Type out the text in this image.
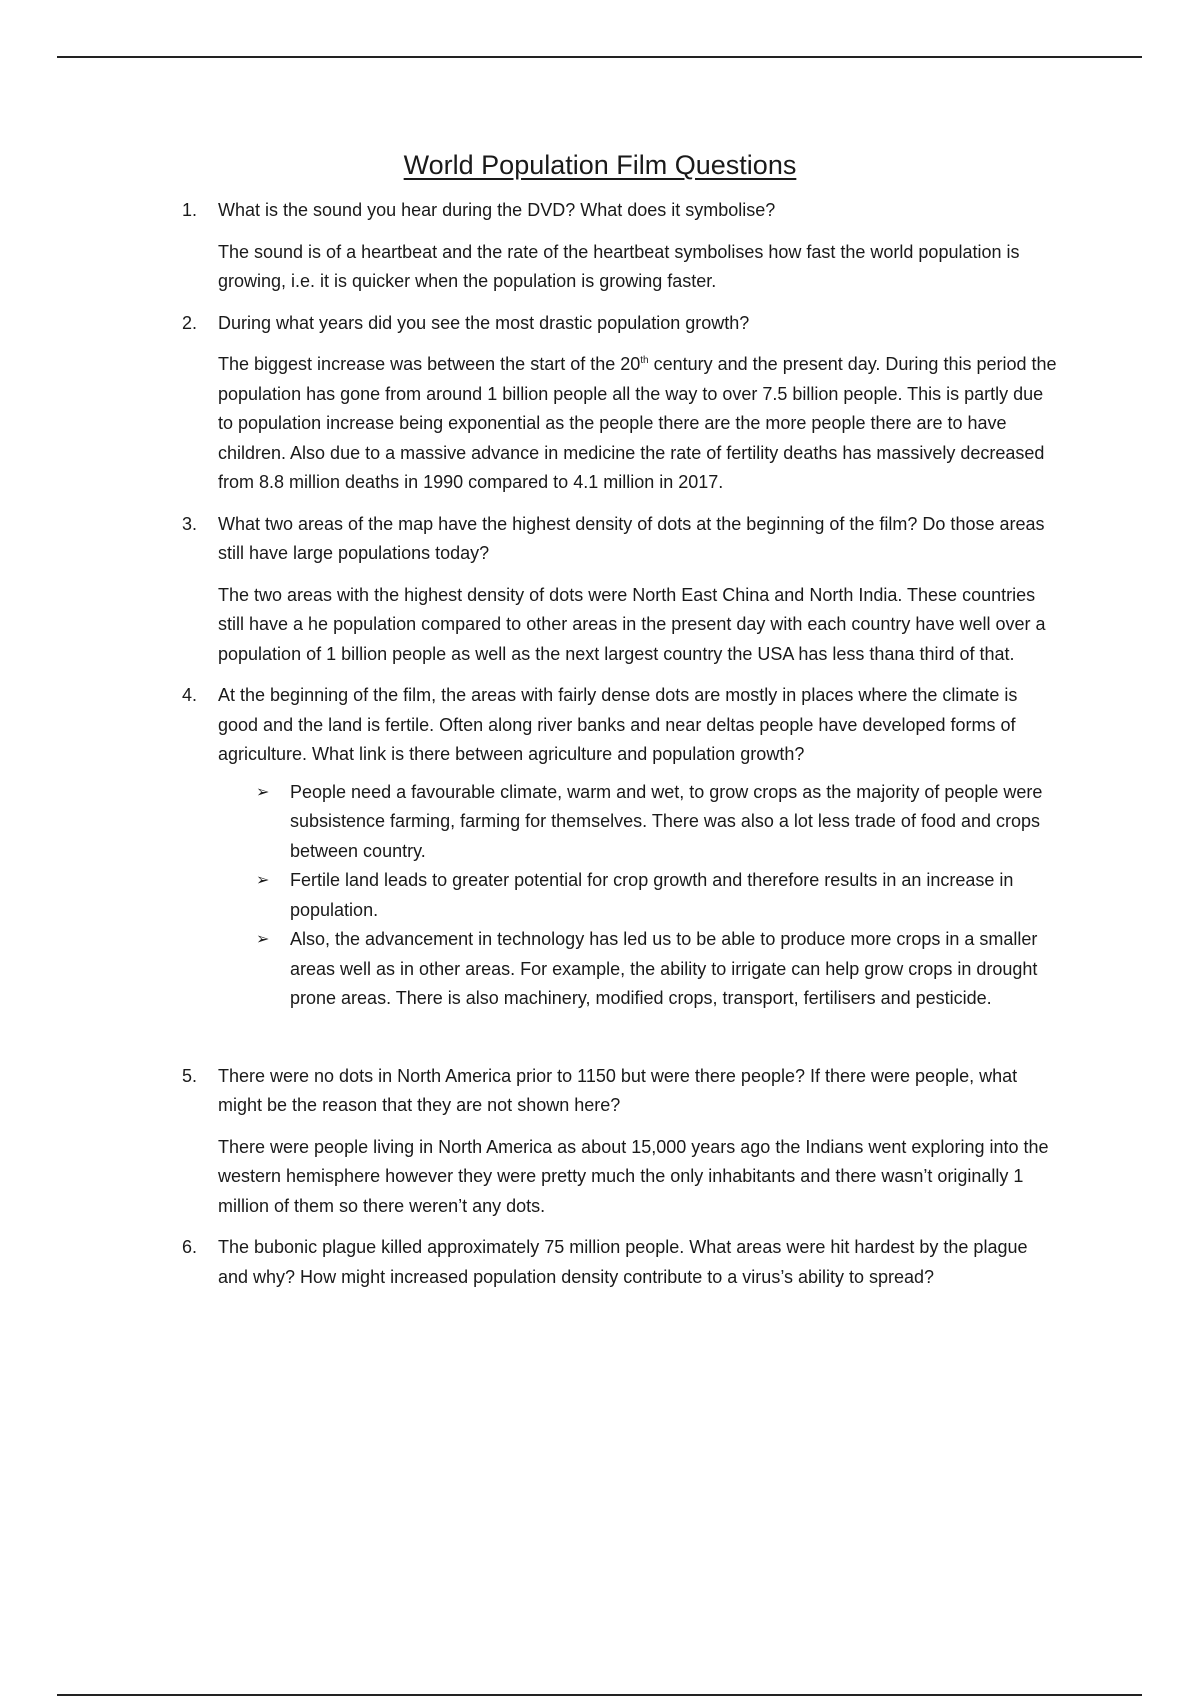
World Population Film Questions

1. What is the sound you hear during the DVD? What does it symbolise?

The sound is of a heartbeat and the rate of the heartbeat symbolises how fast the world population is growing, i.e. it is quicker when the population is growing faster.

2. During what years did you see the most drastic population growth?

The biggest increase was between the start of the 20th century and the present day. During this period the population has gone from around 1 billion people all the way to over 7.5 billion people. This is partly due to population increase being exponential as the people there are the more people there are to have children. Also due to a massive advance in medicine the rate of fertility deaths has massively decreased from 8.8 million deaths in 1990 compared to 4.1 million in 2017.

3. What two areas of the map have the highest density of dots at the beginning of the film? Do those areas still have large populations today?

The two areas with the highest density of dots were North East China and North India. These countries still have a he population compared to other areas in the present day with each country have well over a population of 1 billion people as well as the next largest country the USA has less thana third of that.

4. At the beginning of the film, the areas with fairly dense dots are mostly in places where the climate is good and the land is fertile. Often along river banks and near deltas people have developed forms of agriculture. What link is there between agriculture and population growth?

➢ People need a favourable climate, warm and wet, to grow crops as the majority of people were subsistence farming, farming for themselves. There was also a lot less trade of food and crops between country.
➢ Fertile land leads to greater potential for crop growth and therefore results in an increase in population.
➢ Also, the advancement in technology has led us to be able to produce more crops in a smaller areas well as in other areas. For example, the ability to irrigate can help grow crops in drought prone areas. There is also machinery, modified crops, transport, fertilisers and pesticide.

5. There were no dots in North America prior to 1150 but were there people? If there were people, what might be the reason that they are not shown here?

There were people living in North America as about 15,000 years ago the Indians went exploring into the western hemisphere however they were pretty much the only inhabitants and there wasn’t originally 1 million of them so there weren’t any dots.

6. The bubonic plague killed approximately 75 million people. What areas were hit hardest by the plague and why? How might increased population density contribute to a virus’s ability to spread?
